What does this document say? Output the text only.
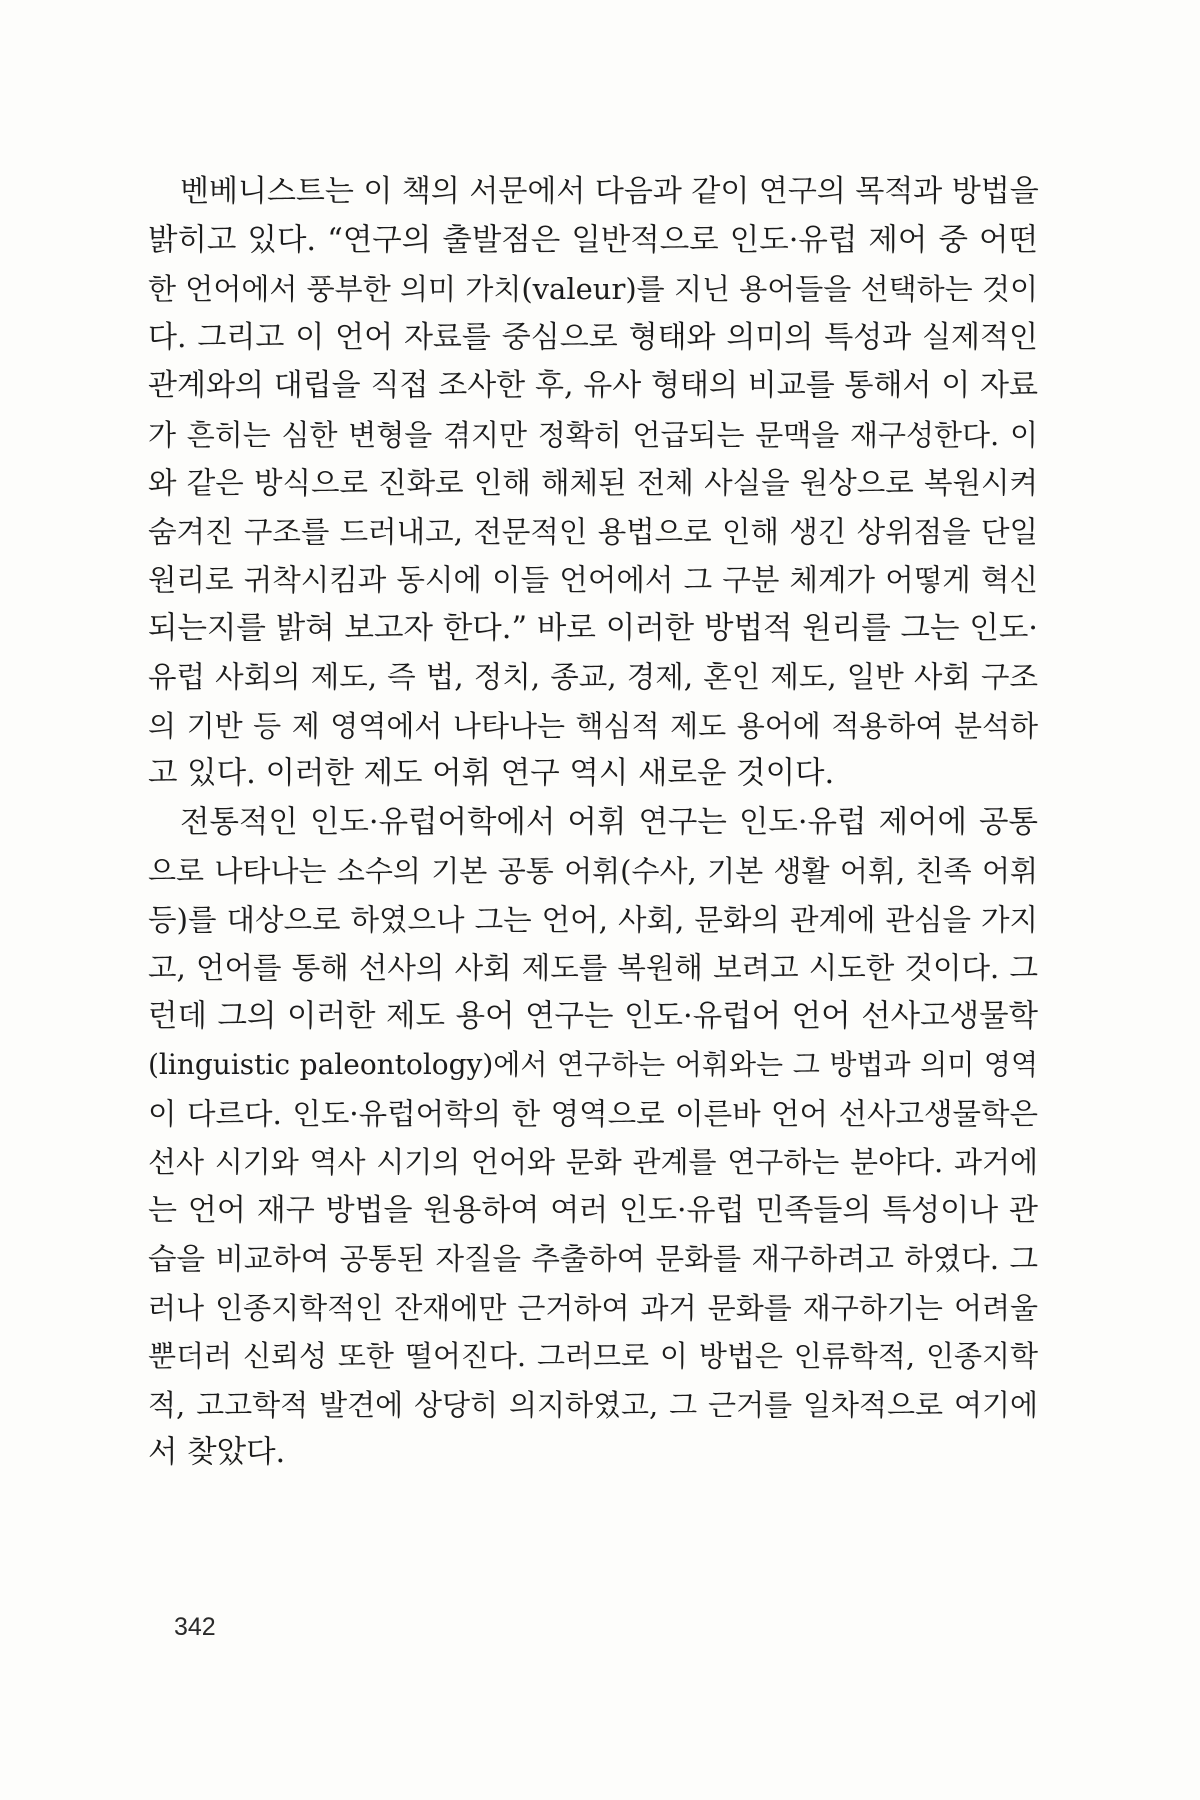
벤베니스트는 이 책의 서문에서 다음과 같이 연구의 목적과 방법을
밝히고 있다. “연구의 출발점은 일반적으로 인도·유럽 제어 중 어떤
한 언어에서 풍부한 의미 가치(valeur)를 지닌 용어들을 선택하는 것이
다. 그리고 이 언어 자료를 중심으로 형태와 의미의 특성과 실제적인
관계와의 대립을 직접 조사한 후, 유사 형태의 비교를 통해서 이 자료
가 흔히는 심한 변형을 겪지만 정확히 언급되는 문맥을 재구성한다. 이
와 같은 방식으로 진화로 인해 해체된 전체 사실을 원상으로 복원시켜
숨겨진 구조를 드러내고, 전문적인 용법으로 인해 생긴 상위점을 단일
원리로 귀착시킴과 동시에 이들 언어에서 그 구분 체계가 어떻게 혁신
되는지를 밝혀 보고자 한다.” 바로 이러한 방법적 원리를 그는 인도·
유럽 사회의 제도, 즉 법, 정치, 종교, 경제, 혼인 제도, 일반 사회 구조
의 기반 등 제 영역에서 나타나는 핵심적 제도 용어에 적용하여 분석하
고 있다. 이러한 제도 어휘 연구 역시 새로운 것이다.
전통적인 인도·유럽어학에서 어휘 연구는 인도·유럽 제어에 공통
으로 나타나는 소수의 기본 공통 어휘(수사, 기본 생활 어휘, 친족 어휘
등)를 대상으로 하였으나 그는 언어, 사회, 문화의 관계에 관심을 가지
고, 언어를 통해 선사의 사회 제도를 복원해 보려고 시도한 것이다. 그
런데 그의 이러한 제도 용어 연구는 인도·유럽어 언어 선사고생물학
(linguistic paleontology)에서 연구하는 어휘와는 그 방법과 의미 영역
이 다르다. 인도·유럽어학의 한 영역으로 이른바 언어 선사고생물학은
선사 시기와 역사 시기의 언어와 문화 관계를 연구하는 분야다. 과거에
는 언어 재구 방법을 원용하여 여러 인도·유럽 민족들의 특성이나 관
습을 비교하여 공통된 자질을 추출하여 문화를 재구하려고 하였다. 그
러나 인종지학적인 잔재에만 근거하여 과거 문화를 재구하기는 어려울
뿐더러 신뢰성 또한 떨어진다. 그러므로 이 방법은 인류학적, 인종지학
적, 고고학적 발견에 상당히 의지하였고, 그 근거를 일차적으로 여기에
서 찾았다.
342
